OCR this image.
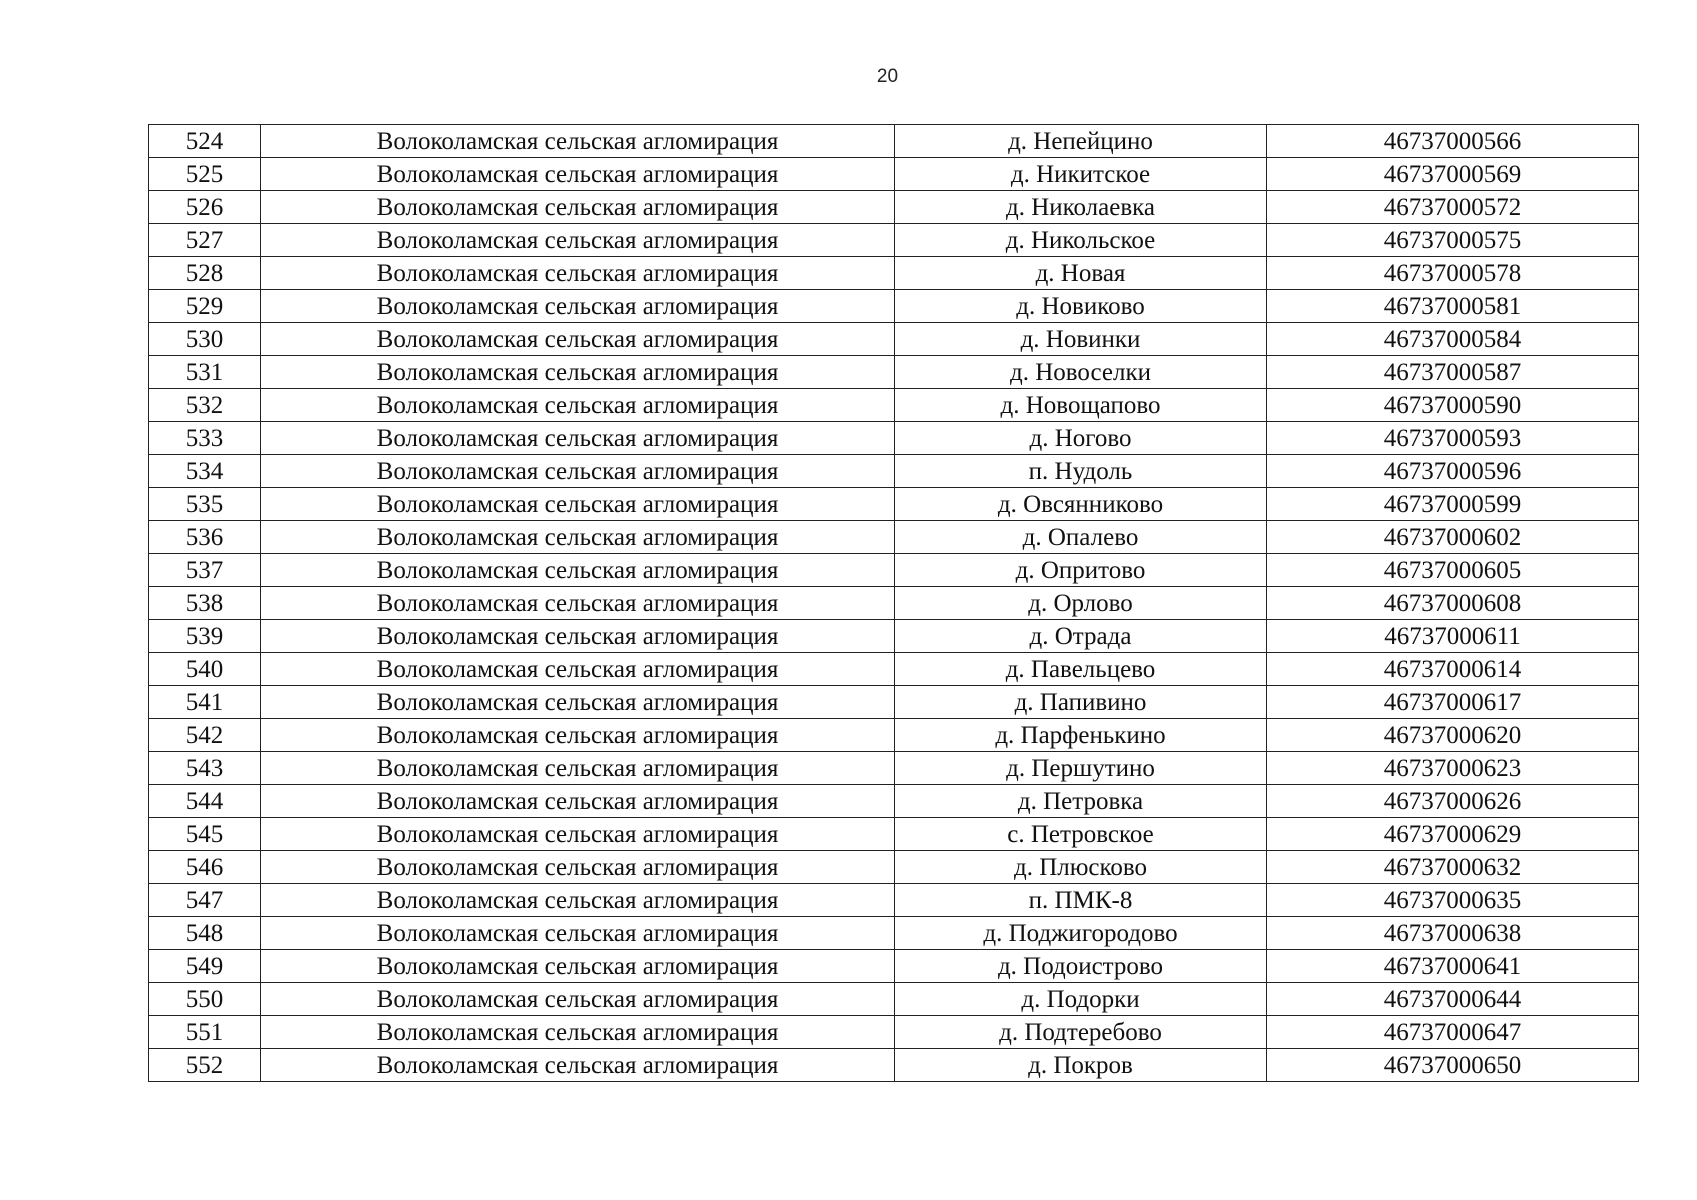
20
524	Волоколамская сельская агломирация	д. Непейцино	46737000566
525	Волоколамская сельская агломирация	д. Никитское	46737000569
526	Волоколамская сельская агломирация	д. Николаевка	46737000572
527	Волоколамская сельская агломирация	д. Никольское	46737000575
528	Волоколамская сельская агломирация	д. Новая	46737000578
529	Волоколамская сельская агломирация	д. Новиково	46737000581
530	Волоколамская сельская агломирация	д. Новинки	46737000584
531	Волоколамская сельская агломирация	д. Новоселки	46737000587
532	Волоколамская сельская агломирация	д. Новощапово	46737000590
533	Волоколамская сельская агломирация	д. Ногово	46737000593
534	Волоколамская сельская агломирация	п. Нудоль	46737000596
535	Волоколамская сельская агломирация	д. Овсянниково	46737000599
536	Волоколамская сельская агломирация	д. Опалево	46737000602
537	Волоколамская сельская агломирация	д. Опритово	46737000605
538	Волоколамская сельская агломирация	д. Орлово	46737000608
539	Волоколамская сельская агломирация	д. Отрада	46737000611
540	Волоколамская сельская агломирация	д. Павельцево	46737000614
541	Волоколамская сельская агломирация	д. Папивино	46737000617
542	Волоколамская сельская агломирация	д. Парфенькино	46737000620
543	Волоколамская сельская агломирация	д. Першутино	46737000623
544	Волоколамская сельская агломирация	д. Петровка	46737000626
545	Волоколамская сельская агломирация	с. Петровское	46737000629
546	Волоколамская сельская агломирация	д. Плюсково	46737000632
547	Волоколамская сельская агломирация	п. ПМК-8	46737000635
548	Волоколамская сельская агломирация	д. Поджигородово	46737000638
549	Волоколамская сельская агломирация	д. Подоистрово	46737000641
550	Волоколамская сельская агломирация	д. Подорки	46737000644
551	Волоколамская сельская агломирация	д. Подтеребово	46737000647
552	Волоколамская сельская агломирация	д. Покров	46737000650
